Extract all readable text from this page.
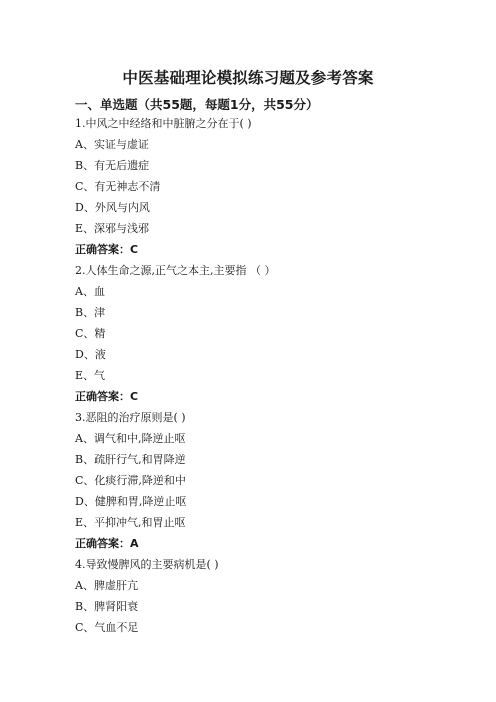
中医基础理论模拟练习题及参考答案
一、单选题（共55题，每题1分，共55分）
1.中风之中经络和中脏腑之分在于( )
A、实证与虚证
B、有无后遗症
C、有无神志不清
D、外风与内风
E、深邪与浅邪
正确答案：C
2.人体生命之源,正气之本主,主要指 （ ）
A、血
B、津
C、精
D、液
E、气
正确答案：C
3.恶阻的治疗原则是( )
A、调气和中,降逆止呕
B、疏肝行气,和胃降逆
C、化痰行滞,降逆和中
D、健脾和胃,降逆止呕
E、平抑冲气,和胃止呕
正确答案：A
4.导致慢脾风的主要病机是( )
A、脾虚肝亢
B、脾肾阳衰
C、气血不足
